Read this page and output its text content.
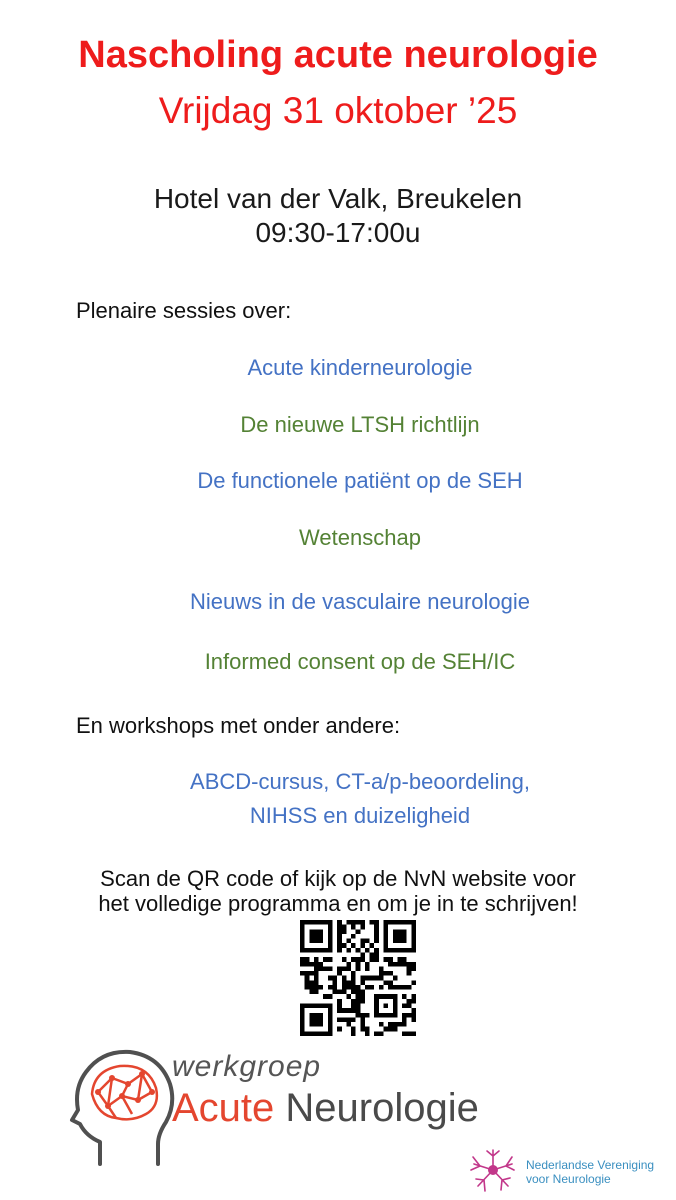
Nascholing acute neurologie
Vrijdag 31 oktober ’25
Hotel van der Valk, Breukelen
09:30-17:00u
Plenaire sessies over:
Acute kinderneurologie
De nieuwe LTSH richtlijn
De functionele patiënt op de SEH
Wetenschap
Nieuws in de vasculaire neurologie
Informed consent op de SEH/IC
En workshops met onder andere:
ABCD-cursus, CT-a/p-beoordeling,
NIHSS en duizeligheid
Scan de QR code of kijk op de NvN website voor
het volledige programma en om je in te schrijven!
werkgroep
Acute Neurologie
Nederlandse Vereniging
voor Neurologie
